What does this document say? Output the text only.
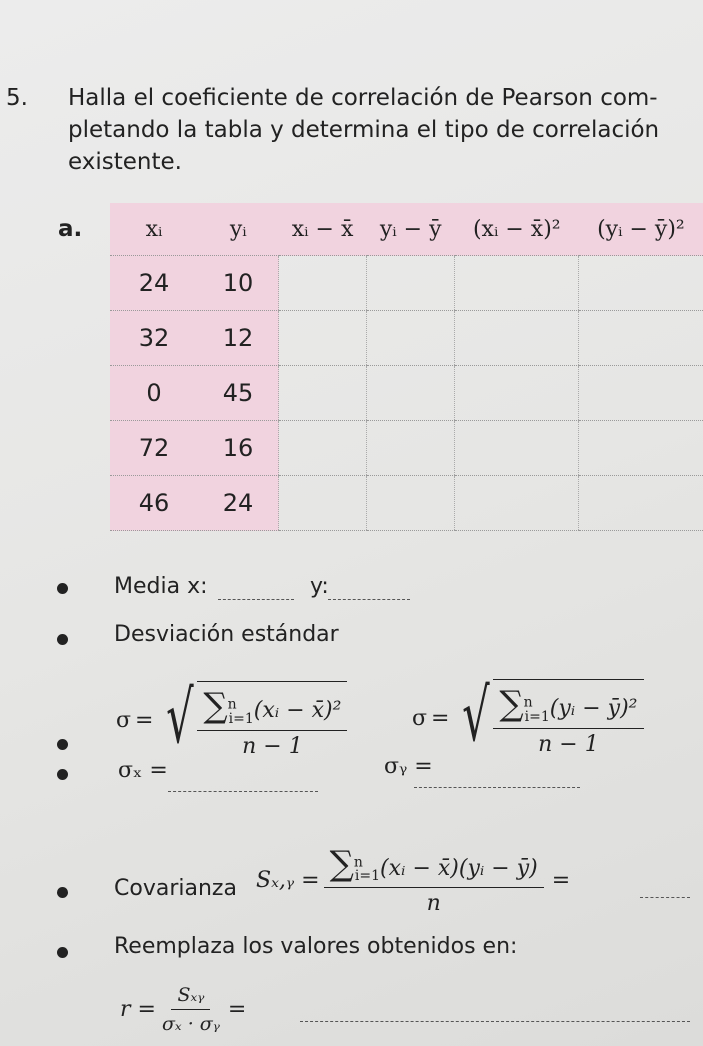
5. Halla el coeficiente de correlación de Pearson com-
pletando la tabla y determina el tipo de correlación
existente.
a.	xᵢ	yᵢ	xᵢ − x̄	yᵢ − ȳ	(xᵢ − x̄)²	(yᵢ − ȳ)²
24	10				
32	12				
0	45				
72	16				
46	24				
Media x:	y:
Desviación estándar
σ = √ $\frac{\sum^n_{i=1}(xᵢ - x̄)^2}{n - 1}$	σ = √ $\frac{\sum^n_{i=1}(yᵢ - ȳ)^2}{n - 1}$
σₓ =	σᵧ =
Covarianza Sₓ,ᵧ = $\frac{\sum^n_{i=1}(xᵢ - x̄)(yᵢ - ȳ)}{n}$ =
Reemplaza los valores obtenidos en:
$r = \frac{\text{Sₓᵧ}}{\text{σₓ · σᵧ}}$ =
